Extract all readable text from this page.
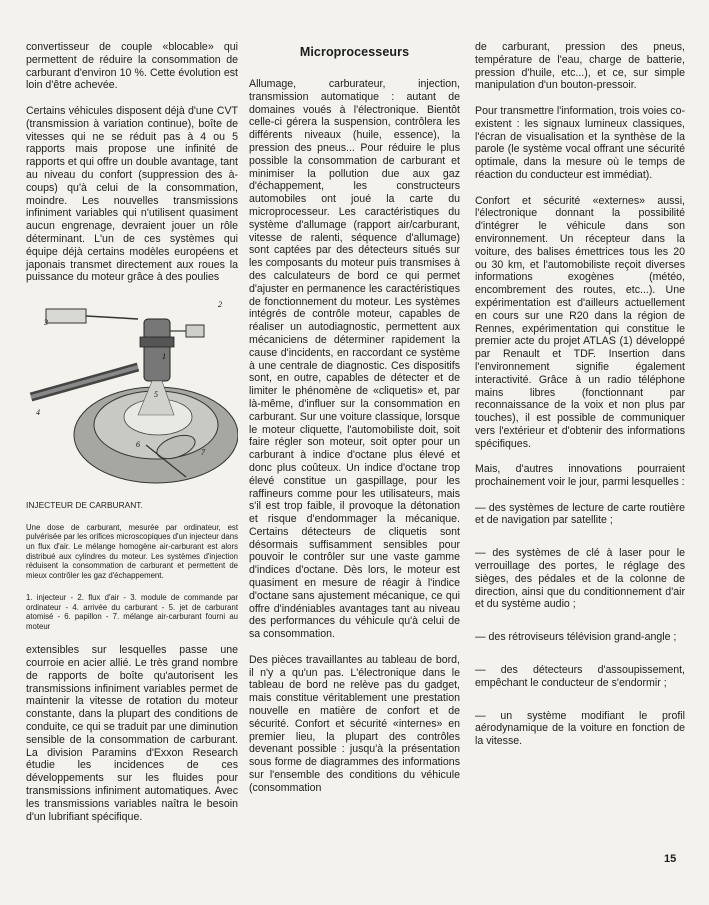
convertisseur de couple «blocable» qui permettent de réduire la consommation de carburant d'environ 10 %. Cette évolution est loin d'être achevée.

Certains véhicules disposent déjà d'une CVT (transmission à variation continue), boîte de vitesses qui ne se réduit pas à 4 ou 5 rapports mais propose une infinité de rapports et qui offre un double avantage, tant au niveau du confort (suppression des à-coups) qu'à celui de la consommation, moindre. Les nouvelles transmissions infiniment variables qui n'utilisent quasiment aucun engrenage, devraient jouer un rôle déterminant. L'un de ces systèmes qui équipe déjà certains modèles européens et japonais transmet directement aux roues la puissance du moteur grâce à des poulies

1
3
4
5
6
7
2

INJECTEUR DE CARBURANT.

Une dose de carburant, mesurée par ordinateur, est pulvérisée par les orifices microscopiques d'un injecteur dans un flux d'air. Le mélange homogène air-carburant est alors distribué aux cylindres du moteur. Les systèmes d'injection réduisent la consommation de carburant et permettent de mieux contrôler les gaz d'échappement.

1. injecteur - 2. flux d'air - 3. module de commande par ordinateur - 4. arrivée du carburant - 5. jet de carburant atomisé - 6. papillon - 7. mélange air-carburant fourni au moteur

extensibles sur lesquelles passe une courroie en acier allié. Le très grand nombre de rapports de boîte qu'autorisent les transmissions infiniment variables permet de maintenir la vitesse de rotation du moteur constante, dans la plupart des conditions de conduite, ce qui se traduit par une diminution sensible de la consommation de carburant. La division Paramins d'Exxon Research étudie les incidences de ces développements sur les fluides pour transmissions infiniment automatiques. Avec les transmissions variables naîtra le besoin d'un lubrifiant spécifique.

Microprocesseurs

Allumage, carburateur, injection, transmission automatique : autant de domaines voués à l'électronique. Bientôt celle-ci gérera la suspension, contrôlera les différents niveaux (huile, essence), la pression des pneus... Pour réduire le plus possible la consommation de carburant et minimiser la pollution due aux gaz d'échappement, les constructeurs automobiles ont joué la carte du microprocesseur. Les caractéristiques du système d'allumage (rapport air/carburant, vitesse de ralenti, séquence d'allumage) sont captées par des détecteurs situés sur les composants du moteur puis transmises à des calculateurs de bord ce qui permet d'ajuster en permanence les caractéristiques de fonctionnement du moteur. Les systèmes intégrés de contrôle moteur, capables de réaliser un autodiagnostic, permettent aux mécaniciens de déterminer rapidement la cause d'incidents, en raccordant ce système à une centrale de diagnostic. Ces dispositifs sont, en outre, capables de détecter et de limiter le phénomène de «cliquetis» et, par là-même, d'influer sur la consommation en carburant. Sur une voiture classique, lorsque le moteur cliquette, l'automobiliste doit, soit faire régler son moteur, soit opter pour un carburant à indice d'octane plus élevé et donc plus coûteux. Un indice d'octane trop élevé constitue un gaspillage, pour les raffineurs comme pour les utilisateurs, mais s'il est trop faible, il provoque la détonation et risque d'endommager la mécanique. Certains détecteurs de cliquetis sont désormais suffisamment sensibles pour pouvoir le contrôler sur une vaste gamme d'indices d'octane. Dès lors, le moteur est quasiment en mesure de réagir à l'indice d'octane sans ajustement mécanique, ce qui offre d'indéniables avantages tant au niveau des performances du véhicule qu'à celui de sa consommation.

Des pièces travaillantes au tableau de bord, il n'y a qu'un pas. L'électronique dans le tableau de bord ne relève pas du gadget, mais constitue véritablement une prestation nouvelle en matière de confort et de sécurité. Confort et sécurité «internes» en premier lieu, la plupart des contrôles devenant possible : jusqu'à la présentation sous forme de diagrammes des informations sur l'ensemble des conditions du véhicule (consommation

de carburant, pression des pneus, température de l'eau, charge de batterie, pression d'huile, etc...), et ce, sur simple manipulation d'un bouton-pressoir.

Pour transmettre l'information, trois voies co-existent : les signaux lumineux classiques, l'écran de visualisation et la synthèse de la parole (le système vocal offrant une sécurité optimale, dans la mesure où le temps de réaction du conducteur est immédiat).

Confort et sécurité «externes» aussi, l'électronique donnant la possibilité d'intégrer le véhicule dans son environnement. Un récepteur dans la voiture, des balises émettrices tous les 20 ou 30 km, et l'automobiliste reçoit diverses informations exogènes (météo, encombrement des routes, etc...). Une expérimentation est d'ailleurs actuellement en cours sur une R20 dans la région de Rennes, expérimentation qui constitue le premier acte du projet ATLAS (1) développé par Renault et TDF. Insertion dans l'environnement signifie également interactivité. Grâce à un radio téléphone mains libres (fonctionnant par reconnaissance de la voix et non plus par touches), il est possible de communiquer vers l'extérieur et d'obtenir des informations spécifiques.

Mais, d'autres innovations pourraient prochainement voir le jour, parmi lesquelles :

— des systèmes de lecture de carte routière et de navigation par satellite ;

— des systèmes de clé à laser pour le verrouillage des portes, le réglage des sièges, des pédales et de la colonne de direction, ainsi que du conditionnement d'air et du système audio ;

— des rétroviseurs télévision grand-angle ;

— des détecteurs d'assoupissement, empêchant le conducteur de s'endormir ;

— un système modifiant le profil aérodynamique de la voiture en fonction de la vitesse.

15
